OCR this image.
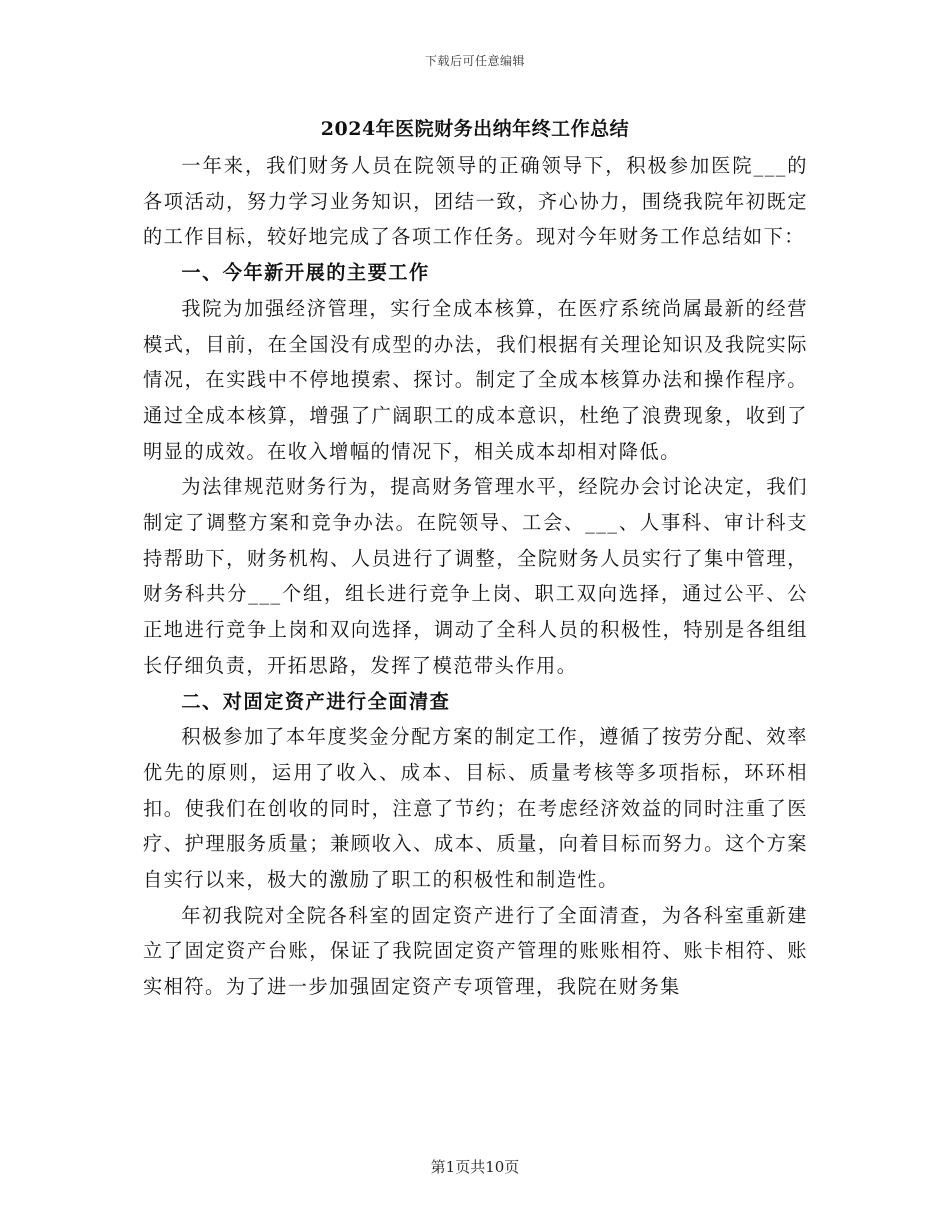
下载后可任意编辑
2024年医院财务出纳年终工作总结

一年来，我们财务人员在院领导的正确领导下，积极参加医院___的各项活动，努力学习业务知识，团结一致，齐心协力，围绕我院年初既定的工作目标，较好地完成了各项工作任务。现对今年财务工作总结如下：

一、今年新开展的主要工作

我院为加强经济管理，实行全成本核算，在医疗系统尚属最新的经营模式，目前，在全国没有成型的办法，我们根据有关理论知识及我院实际情况，在实践中不停地摸索、探讨。制定了全成本核算办法和操作程序。通过全成本核算，增强了广阔职工的成本意识，杜绝了浪费现象，收到了明显的成效。在收入增幅的情况下，相关成本却相对降低。

为法律规范财务行为，提高财务管理水平，经院办会讨论决定，我们制定了调整方案和竞争办法。在院领导、工会、___、人事科、审计科支持帮助下，财务机构、人员进行了调整，全院财务人员实行了集中管理，财务科共分___个组，组长进行竞争上岗、职工双向选择，通过公平、公正地进行竞争上岗和双向选择，调动了全科人员的积极性，特别是各组组长仔细负责，开拓思路，发挥了模范带头作用。

二、对固定资产进行全面清查

积极参加了本年度奖金分配方案的制定工作，遵循了按劳分配、效率优先的原则，运用了收入、成本、目标、质量考核等多项指标，环环相扣。使我们在创收的同时，注意了节约；在考虑经济效益的同时注重了医疗、护理服务质量；兼顾收入、成本、质量，向着目标而努力。这个方案自实行以来，极大的激励了职工的积极性和制造性。

年初我院对全院各科室的固定资产进行了全面清查，为各科室重新建立了固定资产台账，保证了我院固定资产管理的账账相符、账卡相符、账实相符。为了进一步加强固定资产专项管理，我院在财务集

第1页共10页
